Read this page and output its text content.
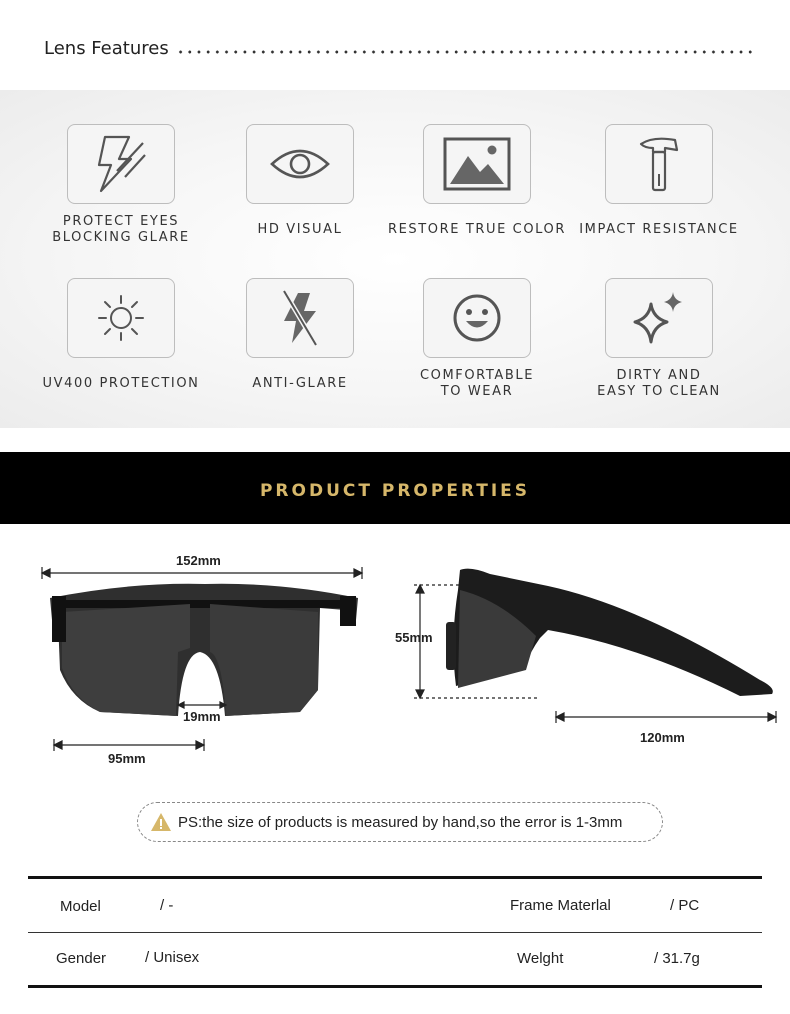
Lens Features
PROTECT EYES
BLOCKING GLARE
HD VISUAL	RESTORE TRUE COLOR	IMPACT RESISTANCE
UV400 PROTECTION	ANTI-GLARE
COMFORTABLE
TO WEAR
DIRTY AND
EASY TO CLEAN
PRODUCT PROPERTIES
152mm
19mm
95mm
55mm
120mm
PS:the size of products is measured by hand,so the error is 1-3mm
Model	/ -	Frame Materlal	/ PC
Gender	/ Unisex	Welght	/ 31.7g
